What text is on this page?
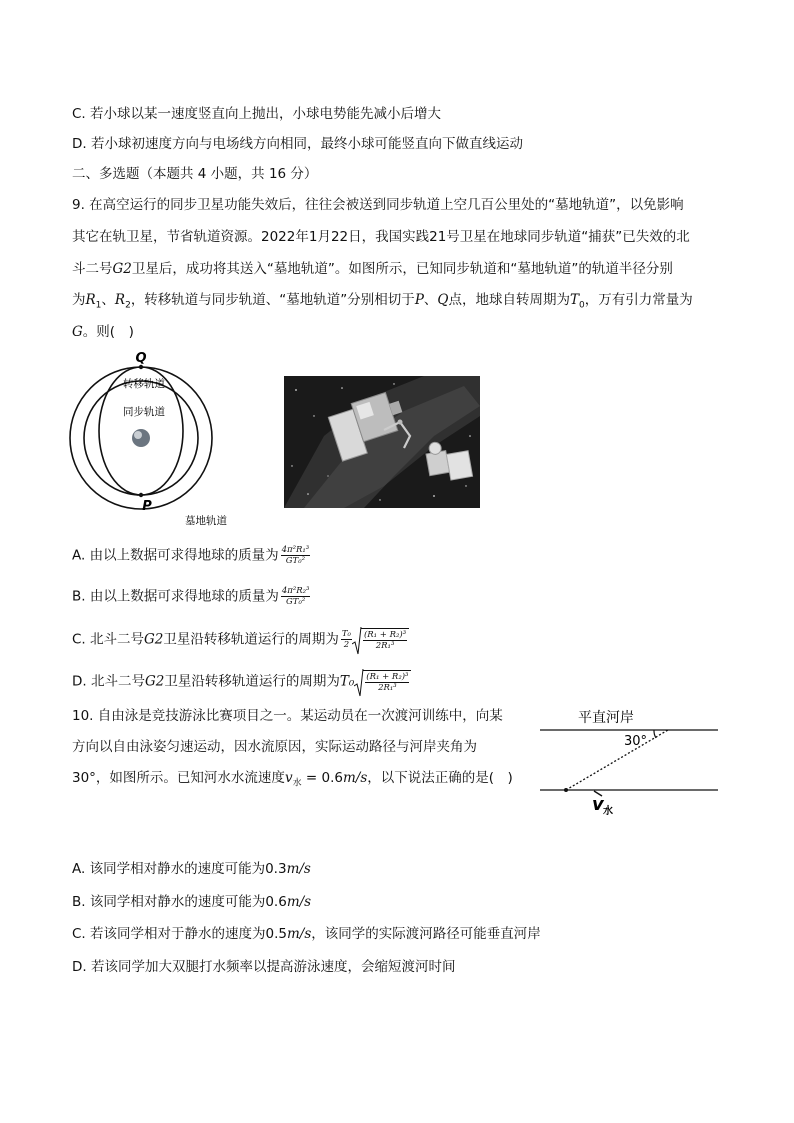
C. 若小球以某一速度竖直向上抛出，小球电势能先减小后增大
D. 若小球初速度方向与电场线方向相同，最终小球可能竖直向下做直线运动
二、多选题（本题共 4 小题，共 16 分）
9. 在高空运行的同步卫星功能失效后，往往会被送到同步轨道上空几百公里处的“墓地轨道”，以免影响
其它在轨卫星，节省轨道资源。2022年1月22日，我国实践21号卫星在地球同步轨道“捕获”已失效的北
斗二号G2卫星后，成功将其送入“墓地轨道”。如图所示，已知同步轨道和“墓地轨道”的轨道半径分别
为$R_1$、$R_2$，转移轨道与同步轨道、“墓地轨道”分别相切于P、Q点，地球自转周期为$T_0$，万有引力常量为
G。则(　)
Q
P
转移轨道
同步轨道
墓地轨道
A. 由以上数据可求得地球的质量为 $\frac{\text{4π²R₁³}}{\text{GT₀²}}$
B. 由以上数据可求得地球的质量为 $\frac{\text{4π²R₂³}}{\text{GT₀²}}$
C. 北斗二号G2卫星沿转移轨道运行的周期为 $\frac{\text{T₀}}{2} \frac{\text{(R₁ + R₂)³}}{\text{2R₁³}}$
D. 北斗二号G2卫星沿转移轨道运行的周期为$T_0 \frac{\text{(R₁ + R₂)³}}{\text{2R₁³}}$
10. 自由泳是竞技游泳比赛项目之一。某运动员在一次渡河训练中，向某
方向以自由泳姿匀速运动，因水流原因，实际运动路径与河岸夹角为
30°，如图所示。已知河水水流速度$v_水 = 0.6m/s$，以下说法正确的是(　)
平直河岸
30°
v 水
A. 该同学相对静水的速度可能为0.3m/s
B. 该同学相对静水的速度可能为0.6m/s
C. 若该同学相对于静水的速度为0.5m/s，该同学的实际渡河路径可能垂直河岸
D. 若该同学加大双腿打水频率以提高游泳速度，会缩短渡河时间
